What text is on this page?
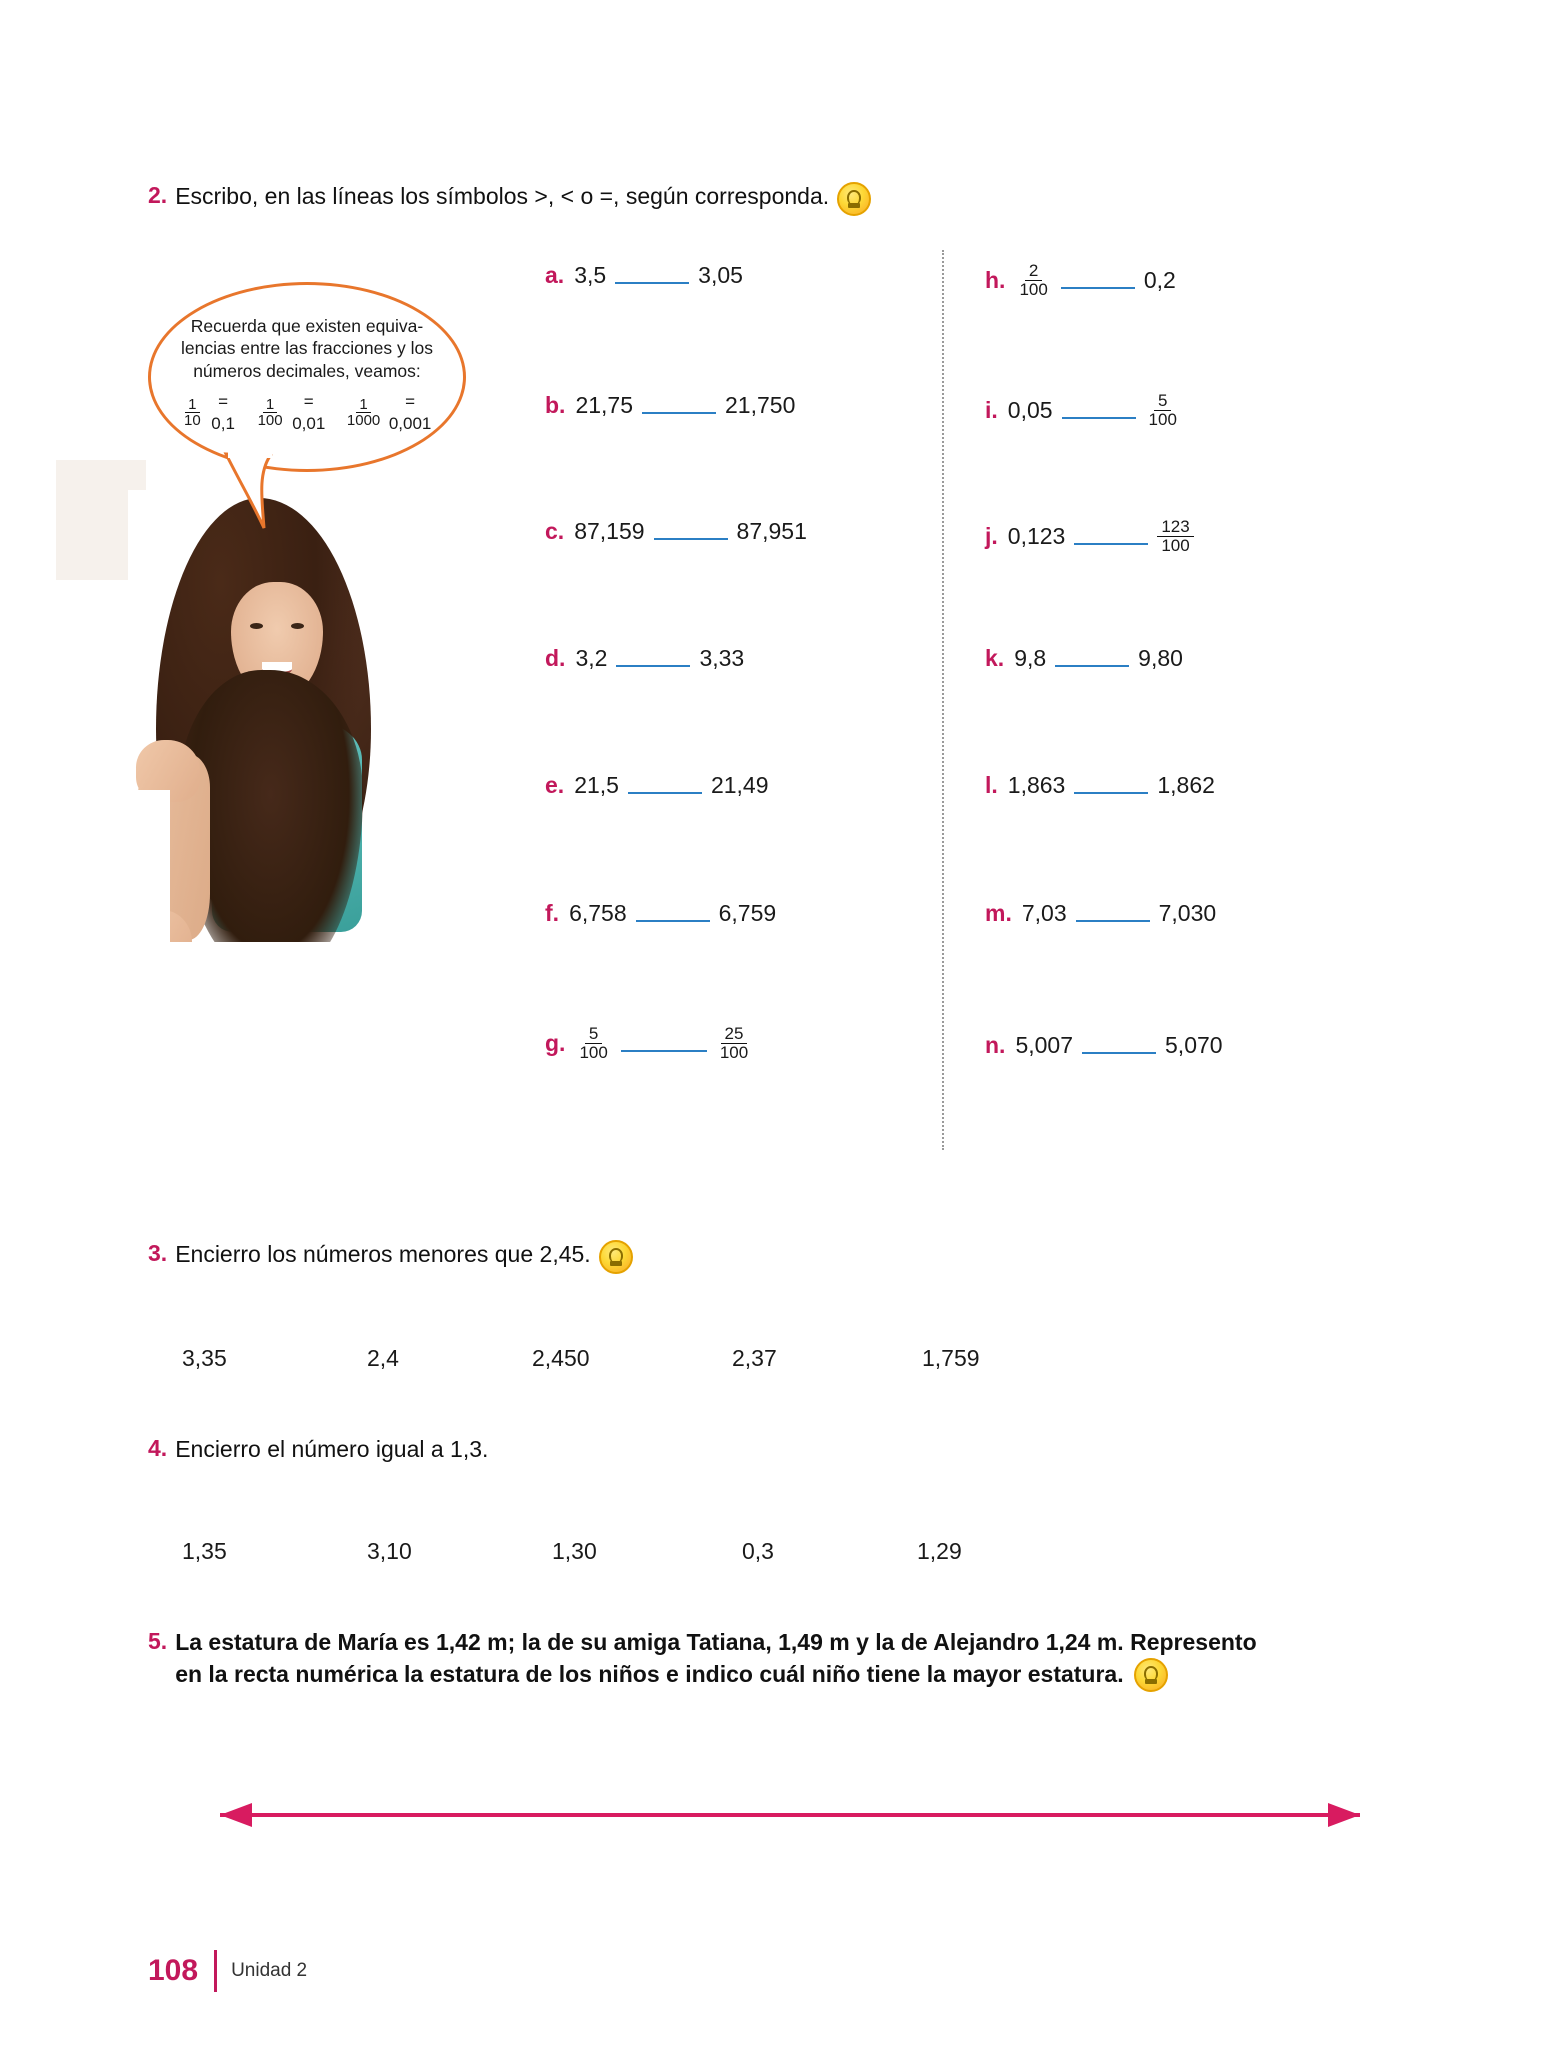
2. Escribo, en las líneas los símbolos >, < o =, según corresponda.
Recuerda que existen equiva-
lencias entre las fracciones y los
números decimales, veamos:
$\frac{1}{10} = 0,1 \frac{1}{100}$	= $0,01 \frac{1}{1000}$	= 0,001
a. 3,5	3,05
b. 21,75	21,750
c. 87,159	87,951
d. 3,2	3,33
e. 21,5	21,49
f. 6,758	6,759
g. $\frac{5}{100}$	$\frac{25}{100}$
h. $\frac{2}{100}$	0,2
i. 0,05	$\frac{5}{100}$
j. 0,123	$\frac{123}{100}$
k. 9,8	9,80
l. 1,863	1,862
m. 7,03	7,030
n. 5,007	5,070
3. Encierro los números menores que 2,45.
3,35	2,4	2,450	2,37	1,759
4. Encierro el número igual a 1,3.
1,35	3,10	1,30	0,3	1,29
5. La estatura de María es 1,42 m; la de su amiga Tatiana, 1,49 m y la de Alejandro 1,24 m. Represento
en la recta numérica la estatura de los niños e indico cuál niño tiene la mayor estatura.
108	Unidad 2
